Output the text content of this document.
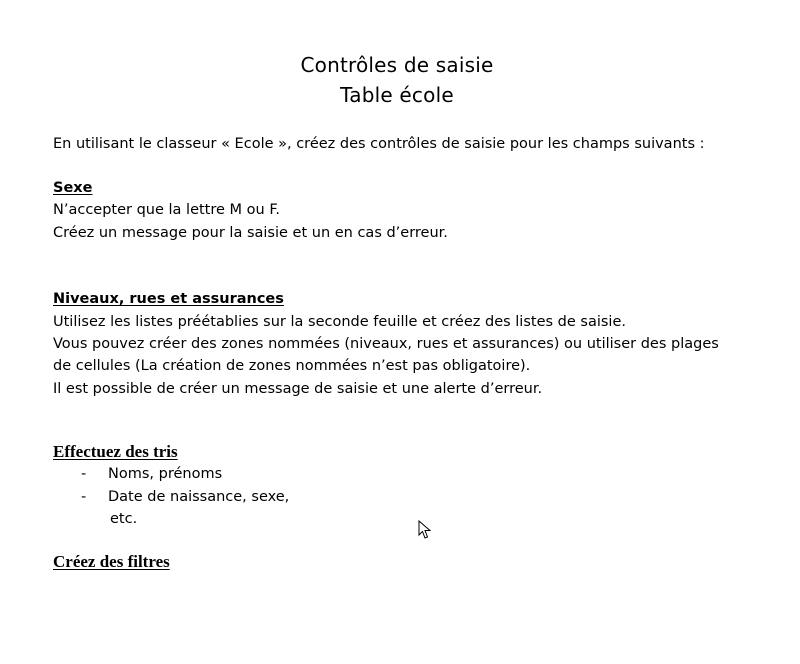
Contrôles de saisie
Table école
En utilisant le classeur « Ecole », créez des contrôles de saisie pour les champs suivants :
Sexe
N’accepter que la lettre M ou F.
Créez un message pour la saisie et un en cas d’erreur.
Niveaux, rues et assurances
Utilisez les listes préétablies sur la seconde feuille et créez des listes de saisie.
Vous pouvez créer des zones nommées (niveaux, rues et assurances) ou utiliser des plages
de cellules (La création de zones nommées n’est pas obligatoire).
Il est possible de créer un message de saisie et une alerte d’erreur.
Effectuez des tris
- Noms, prénoms
- Date de naissance, sexe,
etc.
Créez des filtres
